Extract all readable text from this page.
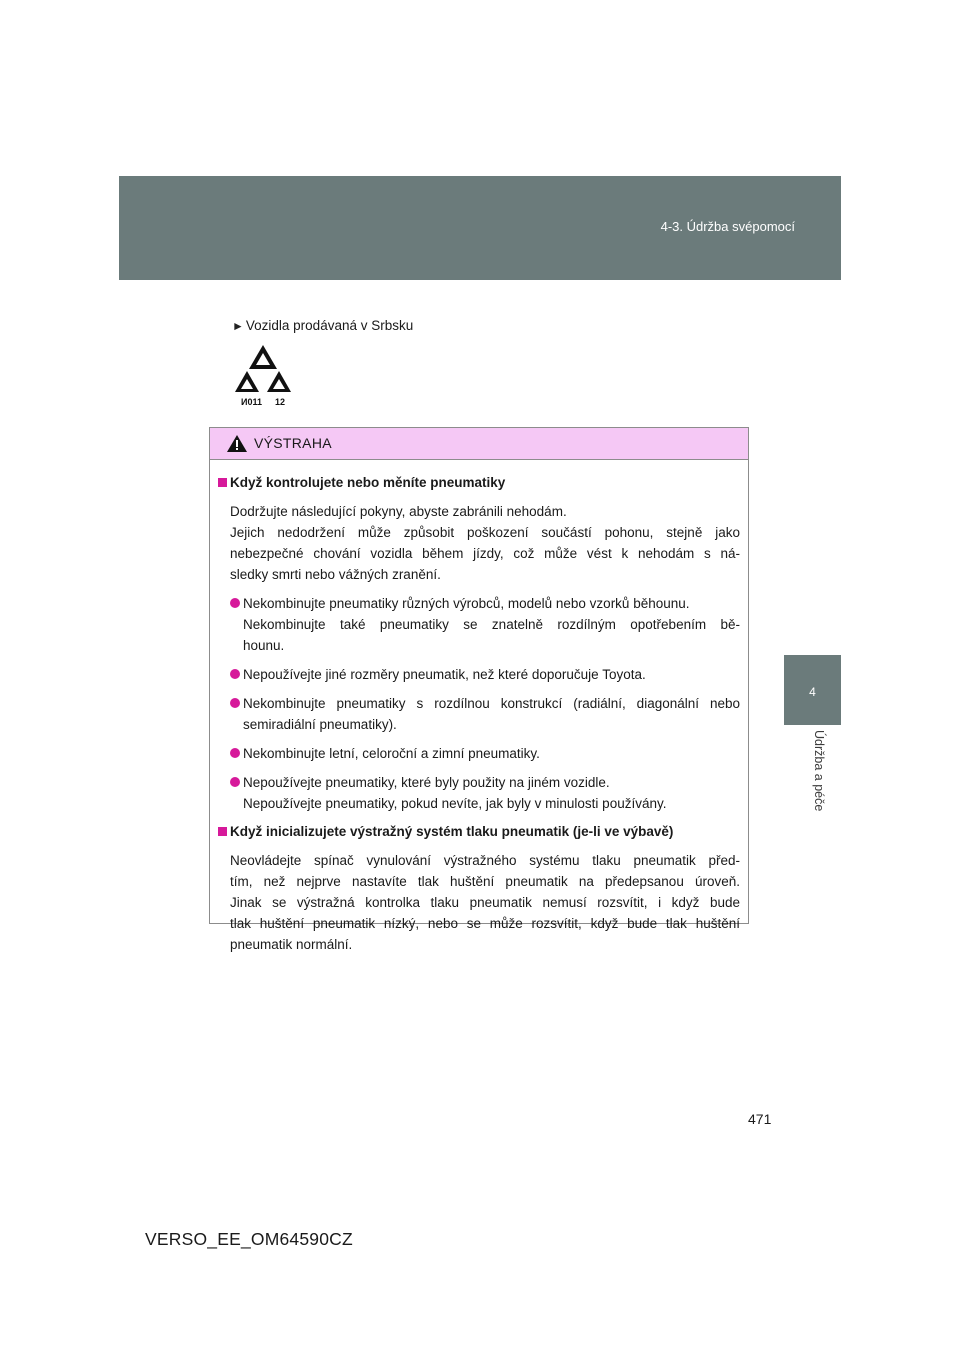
4-3. Údržba svépomocí
4
Údržba a péče
► Vozidla prodávaná v Srbsku
И011 12
VÝSTRAHA

Když kontrolujete nebo měníte pneumatiky

Dodržujte následující pokyny, abyste zabránili nehodám.
Jejich nedodržení může způsobit poškození součástí pohonu, stejně jako
nebezpečné chování vozidla během jízdy, což může vést k nehodám s ná-
sledky smrti nebo vážných zranění.
Nekombinujte pneumatiky různých výrobců, modelů nebo vzorků běhounu.
Nekombinujte také pneumatiky se znatelně rozdílným opotřebením bě-
hounu.
Nepoužívejte jiné rozměry pneumatik, než které doporučuje Toyota.
Nekombinujte pneumatiky s rozdílnou konstrukcí (radiální, diagonální nebo
semiradiální pneumatiky).
Nekombinujte letní, celoroční a zimní pneumatiky.
Nepoužívejte pneumatiky, které byly použity na jiném vozidle.
Nepoužívejte pneumatiky, pokud nevíte, jak byly v minulosti používány.

Když inicializujete výstražný systém tlaku pneumatik (je-li ve výbavě)

Neovládejte spínač vynulování výstražného systému tlaku pneumatik před-
tím, než nejprve nastavíte tlak huštění pneumatik na předepsanou úroveň.
Jinak se výstražná kontrolka tlaku pneumatik nemusí rozsvítit, i když bude
tlak huštění pneumatik nízký, nebo se může rozsvítit, když bude tlak huštění
pneumatik normální.
471
VERSO_EE_OM64590CZ
